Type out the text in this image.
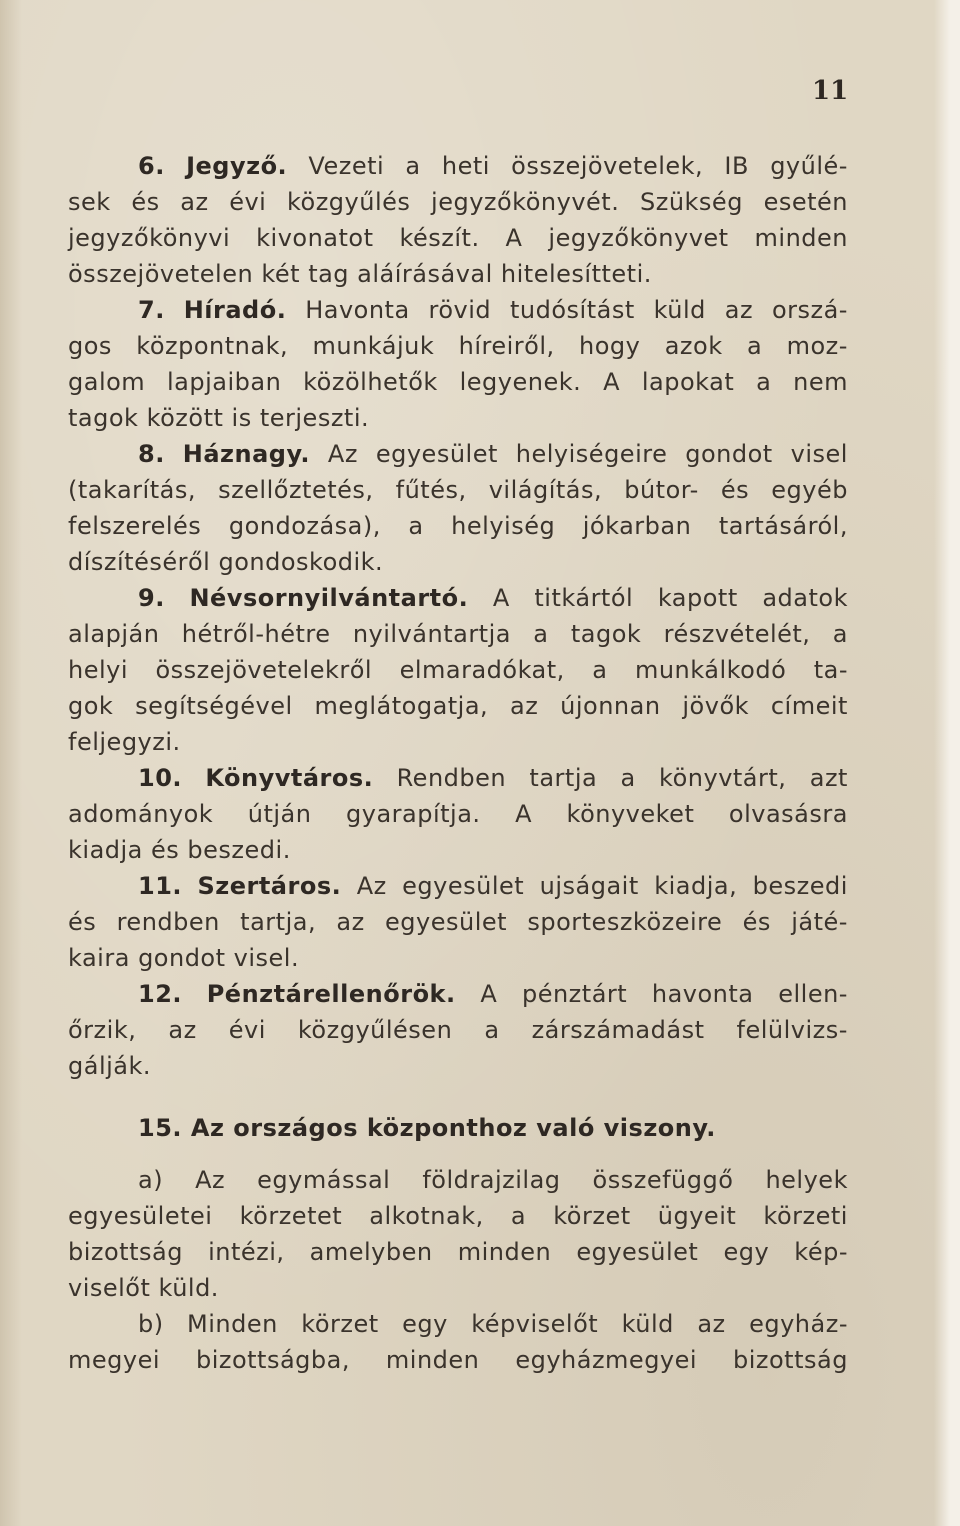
11
6. Jegyző. Vezeti a heti összejövetelek, IB gyűlé-
sek és az évi közgyűlés jegyzőkönyvét. Szükség esetén
jegyzőkönyvi kivonatot készít. A jegyzőkönyvet minden
összejövetelen két tag aláírásával hitelesítteti.
7. Híradó. Havonta rövid tudósítást küld az orszá-
gos központnak, munkájuk híreiről, hogy azok a moz-
galom lapjaiban közölhetők legyenek. A lapokat a nem
tagok között is terjeszti.
8. Háznagy. Az egyesület helyiségeire gondot visel
(takarítás, szellőztetés, fűtés, világítás, bútor- és egyéb
felszerelés gondozása), a helyiség jókarban tartásáról,
díszítéséről gondoskodik.
9. Névsornyilvántartó. A titkártól kapott adatok
alapján hétről-hétre nyilvántartja a tagok részvételét, a
helyi összejövetelekről elmaradókat, a munkálkodó ta-
gok segítségével meglátogatja, az újonnan jövők címeit
feljegyzi.
10. Könyvtáros. Rendben tartja a könyvtárt, azt
adományok útján gyarapítja. A könyveket olvasásra
kiadja és beszedi.
11. Szertáros. Az egyesület ujságait kiadja, beszedi
és rendben tartja, az egyesület sporteszközeire és játé-
kaira gondot visel.
12. Pénztárellenőrök. A pénztárt havonta ellen-
őrzik, az évi közgyűlésen a zárszámadást felülvizs-
gálják.
15. Az országos központhoz való viszony.
a) Az egymással földrajzilag összefüggő helyek
egyesületei körzetet alkotnak, a körzet ügyeit körzeti
bizottság intézi, amelyben minden egyesület egy kép-
viselőt küld.
b) Minden körzet egy képviselőt küld az egyház-
megyei bizottságba, minden egyházmegyei bizottság
